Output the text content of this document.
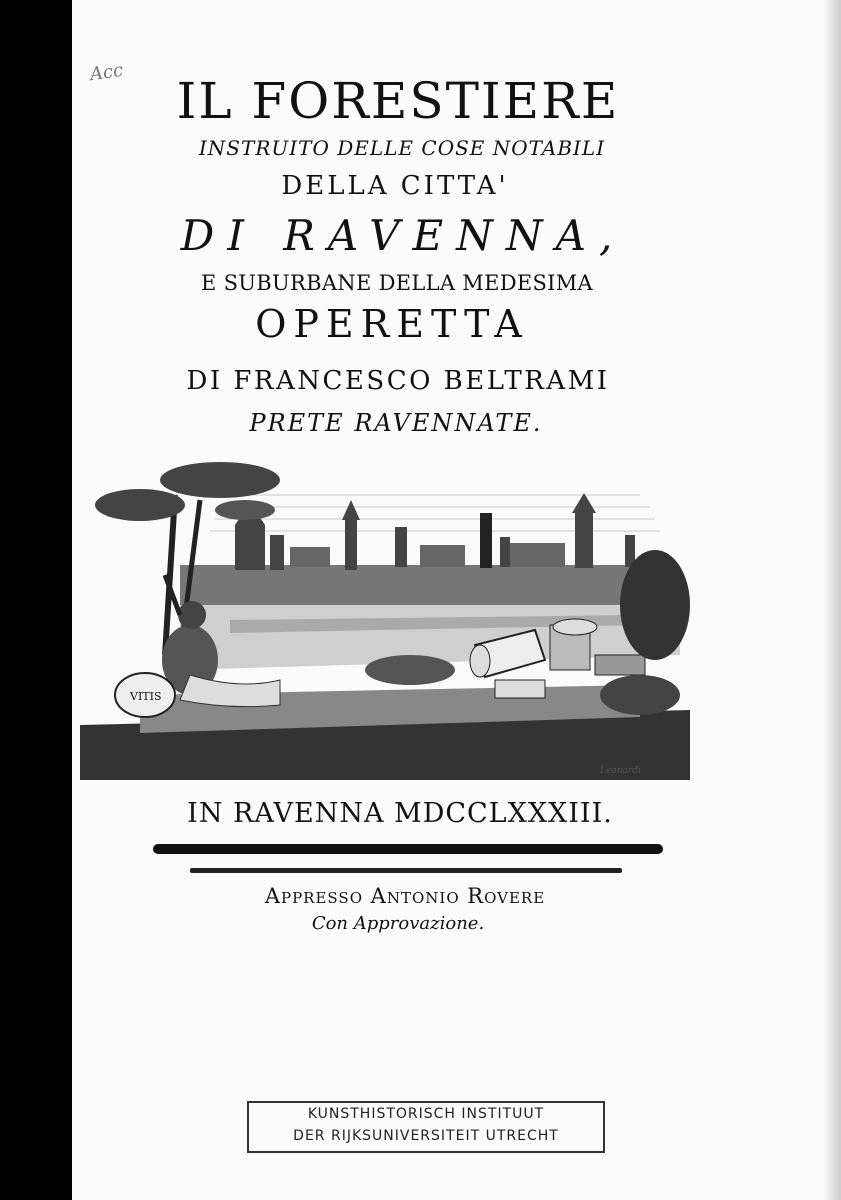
Acc IL FORESTIERE
INSTRUITO DELLE COSE NOTABILI
DELLA CITTA'
DI RAVENNA,
E SUBURBANE DELLA MEDESIMA
OPERETTA
DI FRANCESCO BELTRAMI
PRETE RAVENNATE.
VITIS
Leonardi
IN RAVENNA MDCCLXXXIII.
Appresso Antonio Rovere
Con Approvazione.
KUNSTHISTORISCH INSTITUUT
DER RIJKSUNIVERSITEIT UTRECHT
